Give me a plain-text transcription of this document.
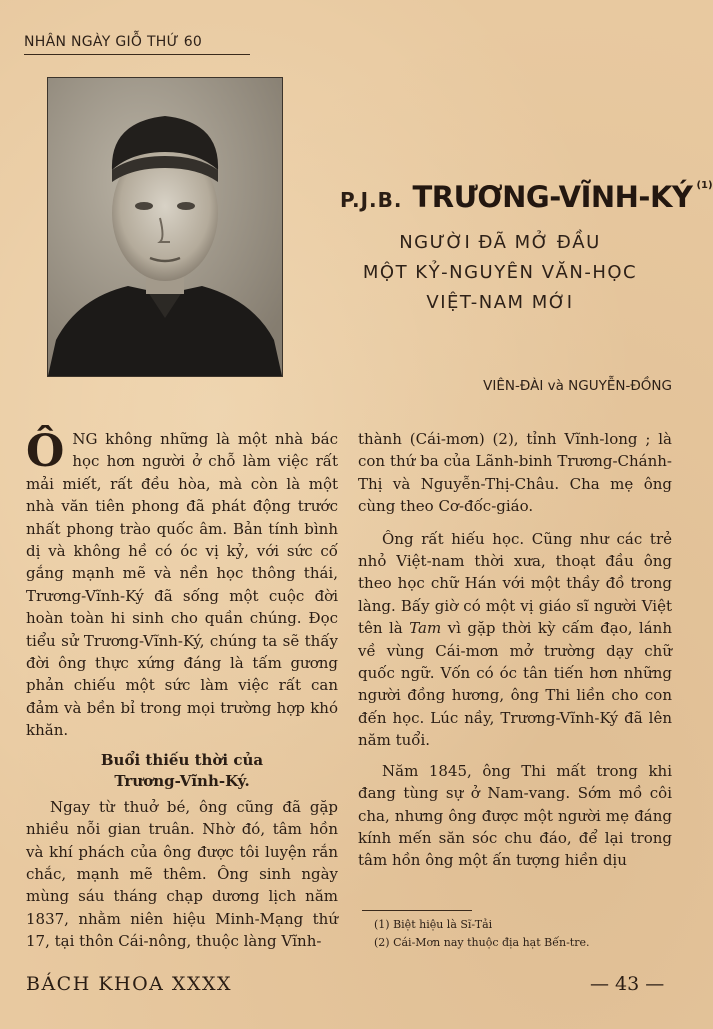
NHÂN NGÀY GIỖ THỨ 60
P.J.B. TRƯƠNG-VĨNH-KÝ $^{(1)}$
NGƯỜI ĐÃ MỞ ĐẦU
MỘT KỶ-NGUYÊN VĂN-HỌC
VIỆT-NAM MỚI
VIÊN-ĐÀI và NGUYỄN-ĐỒNG

ÔNG không những là một nhà bác học hơn người ở chỗ làm việc rất mải miết, rất đều hòa, mà còn là một nhà văn tiên phong đã phát động trước nhất phong trào quốc âm. Bản tính bình dị và không hề có óc vị kỷ, với sức cố gắng mạnh mẽ và nền học thông thái, Trương-Vĩnh-Ký đã sống một cuộc đời hoàn toàn hi sinh cho quần chúng. Đọc tiểu sử Trương-Vĩnh-Ký, chúng ta sẽ thấy đời ông thực xứng đáng là tấm gương phản chiếu một sức làm việc rất can đảm và bền bỉ trong mọi trường hợp khó khăn.

Buổi thiếu thời của
Trương-Vĩnh-Ký.

Ngay từ thuở bé, ông cũng đã gặp nhiều nỗi gian truân. Nhờ đó, tâm hồn và khí phách của ông được tôi luyện rắn chắc, mạnh mẽ thêm. Ông sinh ngày mùng sáu tháng chạp dương lịch năm 1837, nhằm niên hiệu Minh-Mạng thứ 17, tại thôn Cái-nông, thuộc làng Vĩnh-

thành (Cái-mơn) (2), tỉnh Vĩnh-long ; là con thứ ba của Lãnh-binh Trương-Chánh-Thị và Nguyễn-Thị-Châu. Cha mẹ ông cùng theo Cơ-đốc-giáo.

Ông rất hiếu học. Cũng như các trẻ nhỏ Việt-nam thời xưa, thoạt đầu ông theo học chữ Hán với một thầy đồ trong làng. Bấy giờ có một vị giáo sĩ người Việt tên là Tam vì gặp thời kỳ cấm đạo, lánh về vùng Cái-mơn mở trường dạy chữ quốc ngữ. Vốn có óc tân tiến hơn những người đồng hương, ông Thi liền cho con đến học. Lúc nầy, Trương-Vĩnh-Ký đã lên năm tuổi.

Năm 1845, ông Thi mất trong khi đang tùng sự ở Nam-vang. Sớm mồ côi cha, nhưng ông được một người mẹ đáng kính mến săn sóc chu đáo, để lại trong tâm hồn ông một ấn tượng hiền dịu

(1) Biệt hiệu là Sĩ-Tải
(2) Cái-Mơn nay thuộc địa hạt Bến-tre.
BÁCH KHOA XXXX	— 43 —
